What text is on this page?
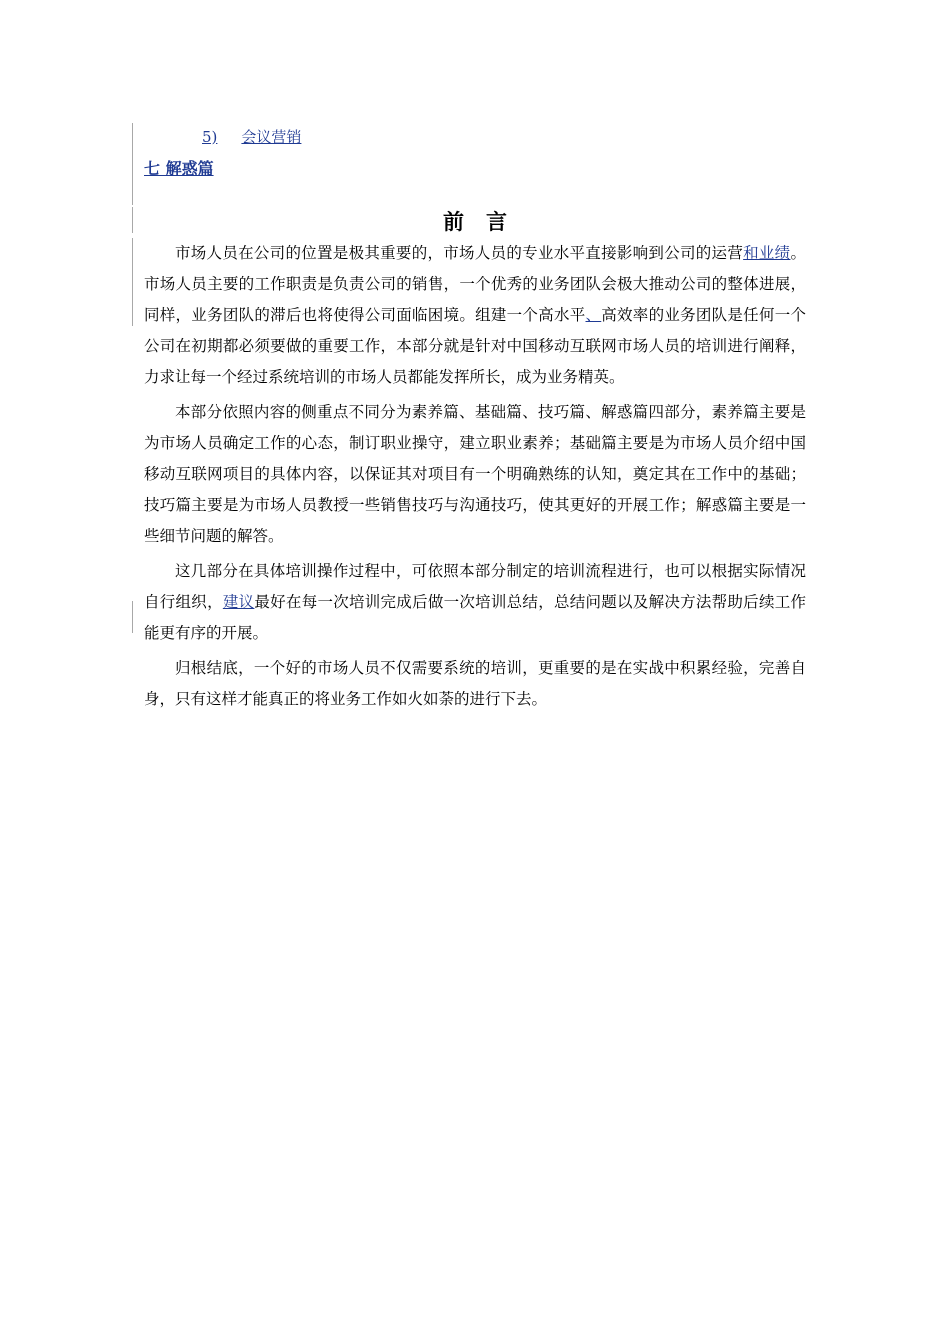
5) 会议营销
七 解惑篇
前言

市场人员在公司的位置是极其重要的，市场人员的专业水平直接影响到公司的运营和业绩。市场人员主要的工作职责是负责公司的销售，一个优秀的业务团队会极大推动公司的整体进展，同样，业务团队的滞后也将使得公司面临困境。组建一个高水平、高效率的业务团队是任何一个公司在初期都必须要做的重要工作，本部分就是针对中国移动互联网市场人员的培训进行阐释，力求让每一个经过系统培训的市场人员都能发挥所长，成为业务精英。

本部分依照内容的侧重点不同分为素养篇、基础篇、技巧篇、解惑篇四部分，素养篇主要是为市场人员确定工作的心态，制订职业操守，建立职业素养；基础篇主要是为市场人员介绍中国移动互联网项目的具体内容，以保证其对项目有一个明确熟练的认知，奠定其在工作中的基础；技巧篇主要是为市场人员教授一些销售技巧与沟通技巧，使其更好的开展工作；解惑篇主要是一些细节问题的解答。

这几部分在具体培训操作过程中，可依照本部分制定的培训流程进行，也可以根据实际情况自行组织，建议最好在每一次培训完成后做一次培训总结，总结问题以及解决方法帮助后续工作能更有序的开展。

归根结底，一个好的市场人员不仅需要系统的培训，更重要的是在实战中积累经验，完善自身，只有这样才能真正的将业务工作如火如荼的进行下去。
